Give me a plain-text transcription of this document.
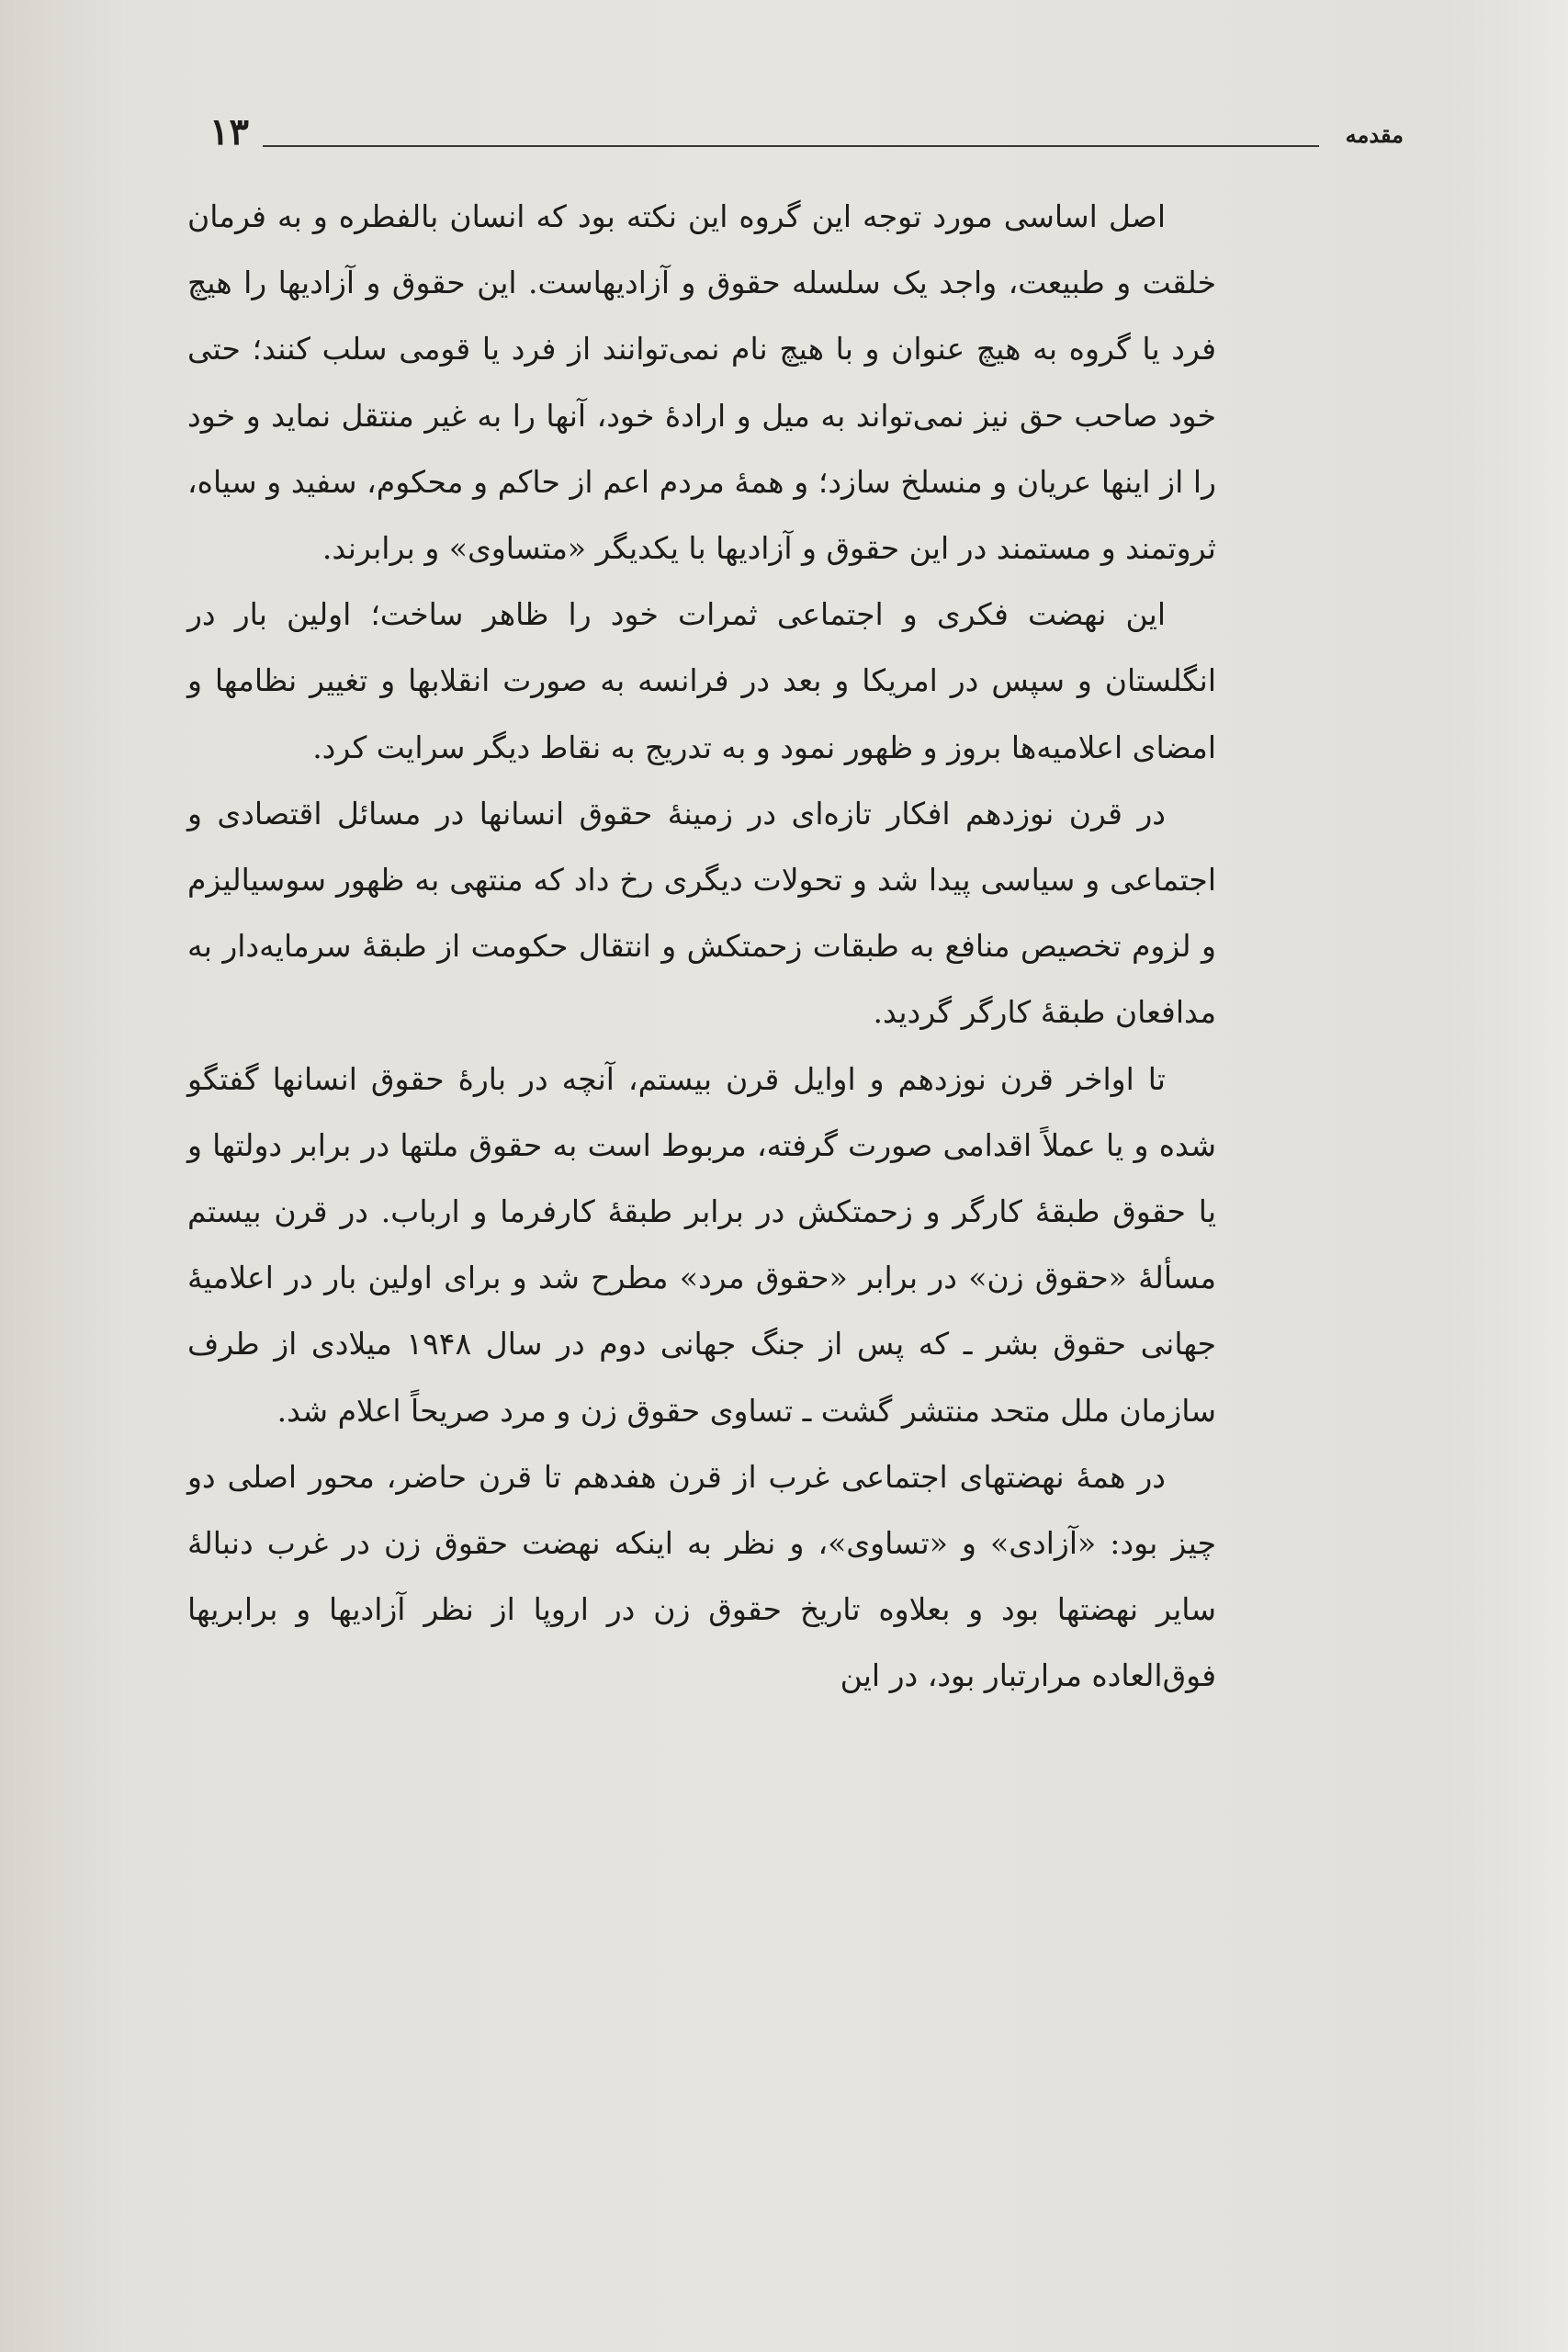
۱۳	مقدمه

اصل اساسی مورد توجه این گروه این نکته بود که انسان بالفطره و به فرمان خلقت و طبیعت، واجد یک سلسله حقوق و آزادیهاست. این حقوق و آزادیها را هیچ فرد یا گروه به هیچ عنوان و با هیچ نام نمی‌توانند از فرد یا قومی سلب کنند؛ حتی خود صاحب حق نیز نمی‌تواند به میل و ارادهٔ خود، آنها را به غیر منتقل نماید و خود را از اینها عریان و منسلخ سازد؛ و همهٔ مردم اعم از حاکم و محکوم، سفید و سیاه، ثروتمند و مستمند در این حقوق و آزادیها با یکدیگر «متساوی» و برابرند.

این نهضت فکری و اجتماعی ثمرات خود را ظاهر ساخت؛ اولین بار در انگلستان و سپس در امریکا و بعد در فرانسه به صورت انقلابها و تغییر نظامها و امضای اعلامیه‌ها بروز و ظهور نمود و به تدریج به نقاط دیگر سرایت کرد.

در قرن نوزدهم افکار تازه‌ای در زمینهٔ حقوق انسانها در مسائل اقتصادی و اجتماعی و سیاسی پیدا شد و تحولات دیگری رخ داد که منتهی به ظهور سوسیالیزم و لزوم تخصیص منافع به طبقات زحمتکش و انتقال حکومت از طبقهٔ سرمایه‌دار به مدافعان طبقهٔ کارگر گردید.

تا اواخر قرن نوزدهم و اوایل قرن بیستم، آنچه در بارهٔ حقوق انسانها گفتگو شده و یا عملاً اقدامی صورت گرفته، مربوط است به حقوق ملتها در برابر دولتها و یا حقوق طبقهٔ کارگر و زحمتکش در برابر طبقهٔ کارفرما و ارباب. در قرن بیستم مسألهٔ «حقوق زن» در برابر «حقوق مرد» مطرح شد و برای اولین بار در اعلامیهٔ جهانی حقوق بشر ـ که پس از جنگ جهانی دوم در سال ۱۹۴۸ میلادی از طرف سازمان ملل متحد منتشر گشت ـ تساوی حقوق زن و مرد صریحاً اعلام شد.

در همهٔ نهضتهای اجتماعی غرب از قرن هفدهم تا قرن حاضر، محور اصلی دو چیز بود: «آزادی» و «تساوی»، و نظر به اینکه نهضت حقوق زن در غرب دنبالهٔ سایر نهضتها بود و بعلاوه تاریخ حقوق زن در اروپا از نظر آزادیها و برابریها فوق‌العاده مرارتبار بود، در این
